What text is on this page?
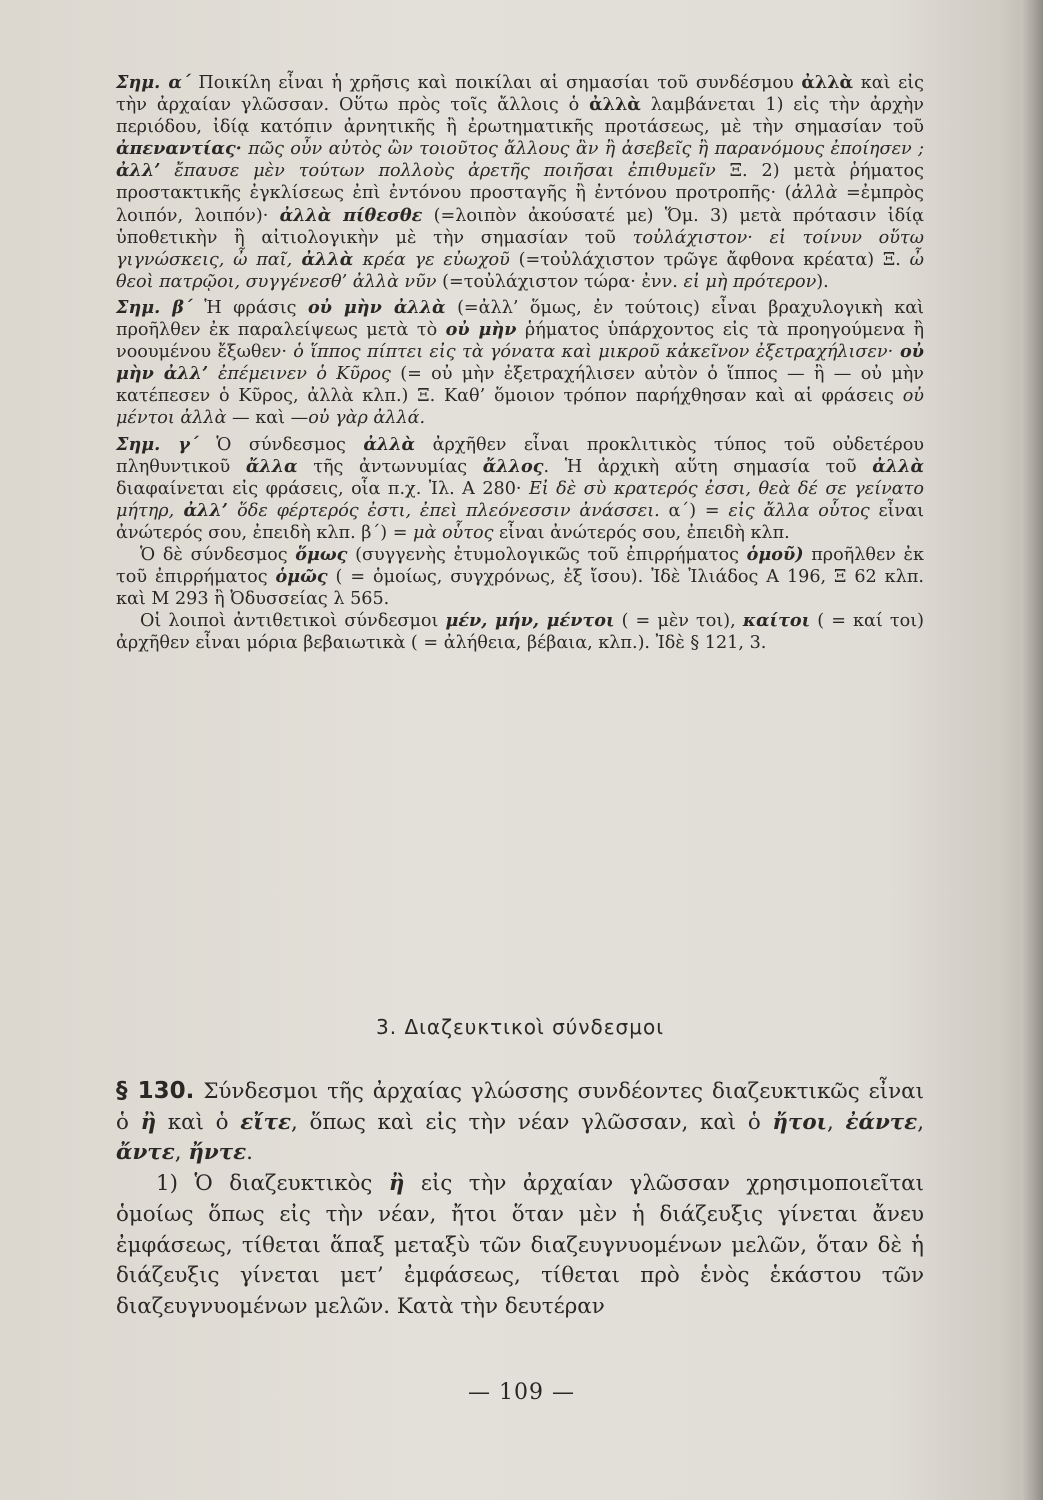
Σημ. α΄ Ποικίλη εἶναι ἡ χρῆσις καὶ ποικίλαι αἱ σημασίαι τοῦ συνδέσμου ἀλλὰ καὶ εἰς τὴν ἀρχαίαν γλῶσσαν. Οὕτω πρὸς τοῖς ἄλλοις ὁ ἀλλὰ λαμβάνεται 1) εἰς τὴν ἀρχὴν περιόδου, ἰδίᾳ κατόπιν ἀρνητικῆς ἢ ἐρωτηματικῆς προτάσεως, μὲ τὴν σημασίαν τοῦ ἀπεναντίας· πῶς οὖν αὐτὸς ὢν τοιοῦτος ἄλλους ἂν ἢ ἀσεβεῖς ἢ παρανόμους ἐποίησεν ; ἀλλ’ ἔπαυσε μὲν τούτων πολλοὺς ἀρετῆς ποιῆσαι ἐπιθυμεῖν Ξ. 2) μετὰ ῥήματος προστακτικῆς ἐγκλίσεως ἐπὶ ἐντόνου προσταγῆς ἢ ἐντόνου προτροπῆς· (ἀλλὰ =ἐμπρὸς λοιπόν, λοιπόν)· ἀλλὰ πίθεσθε (=λοιπὸν ἀκούσατέ με) Ὅμ. 3) μετὰ πρότασιν ἰδίᾳ ὑποθετικὴν ἢ αἰτιολογικὴν μὲ τὴν σημασίαν τοῦ τοὐλάχιστον· εἰ τοίνυν οὕτω γιγνώσκεις, ὦ παῖ, ἀλλὰ κρέα γε εὐωχοῦ (=τοὐλάχιστον τρῶγε ἄφθονα κρέατα) Ξ. ὦ θεοὶ πατρῷοι, συγγένεσθ’ ἀλλὰ νῦν (=τοὐλάχιστον τώρα· ἐνν. εἰ μὴ πρότερον).

Σημ. β΄ Ἡ φράσις οὐ μὴν ἀλλὰ (=ἀλλ’ ὅμως, ἐν τούτοις) εἶναι βραχυλογικὴ καὶ προῆλθεν ἐκ παραλείψεως μετὰ τὸ οὐ μὴν ῥήματος ὑπάρχοντος εἰς τὰ προηγούμενα ἢ νοουμένου ἔξωθεν· ὁ ἵππος πίπτει εἰς τὰ γόνατα καὶ μικροῦ κἀκεῖνον ἐξετραχήλισεν· οὐ μὴν ἀλλ’ ἐπέμεινεν ὁ Κῦρος (= οὐ μὴν ἐξετραχήλισεν αὐτὸν ὁ ἵππος — ἢ — οὐ μὴν κατέπεσεν ὁ Κῦρος, ἀλλὰ κλπ.) Ξ. Καθ’ ὅμοιον τρόπον παρήχθησαν καὶ αἱ φράσεις οὐ μέντοι ἀλλὰ — καὶ —οὐ γὰρ ἀλλά.

Σημ. γ΄ Ὁ σύνδεσμος ἀλλὰ ἀρχῆθεν εἶναι προκλιτικὸς τύπος τοῦ οὐδετέρου πληθυντικοῦ ἄλλα τῆς ἀντωνυμίας ἄλλος. Ἡ ἀρχικὴ αὕτη σημασία τοῦ ἀλλὰ διαφαίνεται εἰς φράσεις, οἷα π.χ. Ἰλ. Α 280· Εἰ δὲ σὺ κρατερός ἐσσι, θεὰ δέ σε γείνατο μήτηρ, ἀλλ’ ὅδε φέρτερός ἐστι, ἐπεὶ πλεόνεσσιν ἀνάσσει. α΄) = εἰς ἄλλα οὗτος εἶναι ἀνώτερός σου, ἐπειδὴ κλπ. β΄) = μὰ οὗτος εἶναι ἀνώτερός σου, ἐπειδὴ κλπ.

Ὁ δὲ σύνδεσμος ὅμως (συγγενὴς ἐτυμολογικῶς τοῦ ἐπιρρήματος ὁμοῦ) προῆλθεν ἐκ τοῦ ἐπιρρήματος ὁμῶς ( = ὁμοίως, συγχρόνως, ἐξ ἴσου). Ἰδὲ Ἰλιάδος Α 196, Ξ 62 κλπ. καὶ Μ 293 ἢ Ὀδυσσείας λ 565.

Οἱ λοιποὶ ἀντιθετικοὶ σύνδεσμοι μέν, μήν, μέντοι ( = μὲν τοι), καίτοι ( = καί τοι) ἀρχῆθεν εἶναι μόρια βεβαιωτικὰ ( = ἀλήθεια, βέβαια, κλπ.). Ἰδὲ § 121, 3.

3. Διαζευκτικοὶ σύνδεσμοι

§ 130. Σύνδεσμοι τῆς ἀρχαίας γλώσσης συνδέοντες διαζευκτικῶς εἶναι ὁ ἢ καὶ ὁ εἴτε, ὅπως καὶ εἰς τὴν νέαν γλῶσσαν, καὶ ὁ ἤτοι, ἐάντε, ἄντε, ἤντε.

1) Ὁ διαζευκτικὸς ἢ εἰς τὴν ἀρχαίαν γλῶσσαν χρησιμοποιεῖται ὁμοίως ὅπως εἰς τὴν νέαν, ἤτοι ὅταν μὲν ἡ διάζευξις γίνεται ἄνευ ἐμφάσεως, τίθεται ἅπαξ μεταξὺ τῶν διαζευγνυομένων μελῶν, ὅταν δὲ ἡ διάζευξις γίνεται μετ’ ἐμφάσεως, τίθεται πρὸ ἑνὸς ἑκάστου τῶν διαζευγνυομένων μελῶν. Κατὰ τὴν δευτέραν

— 109 —
